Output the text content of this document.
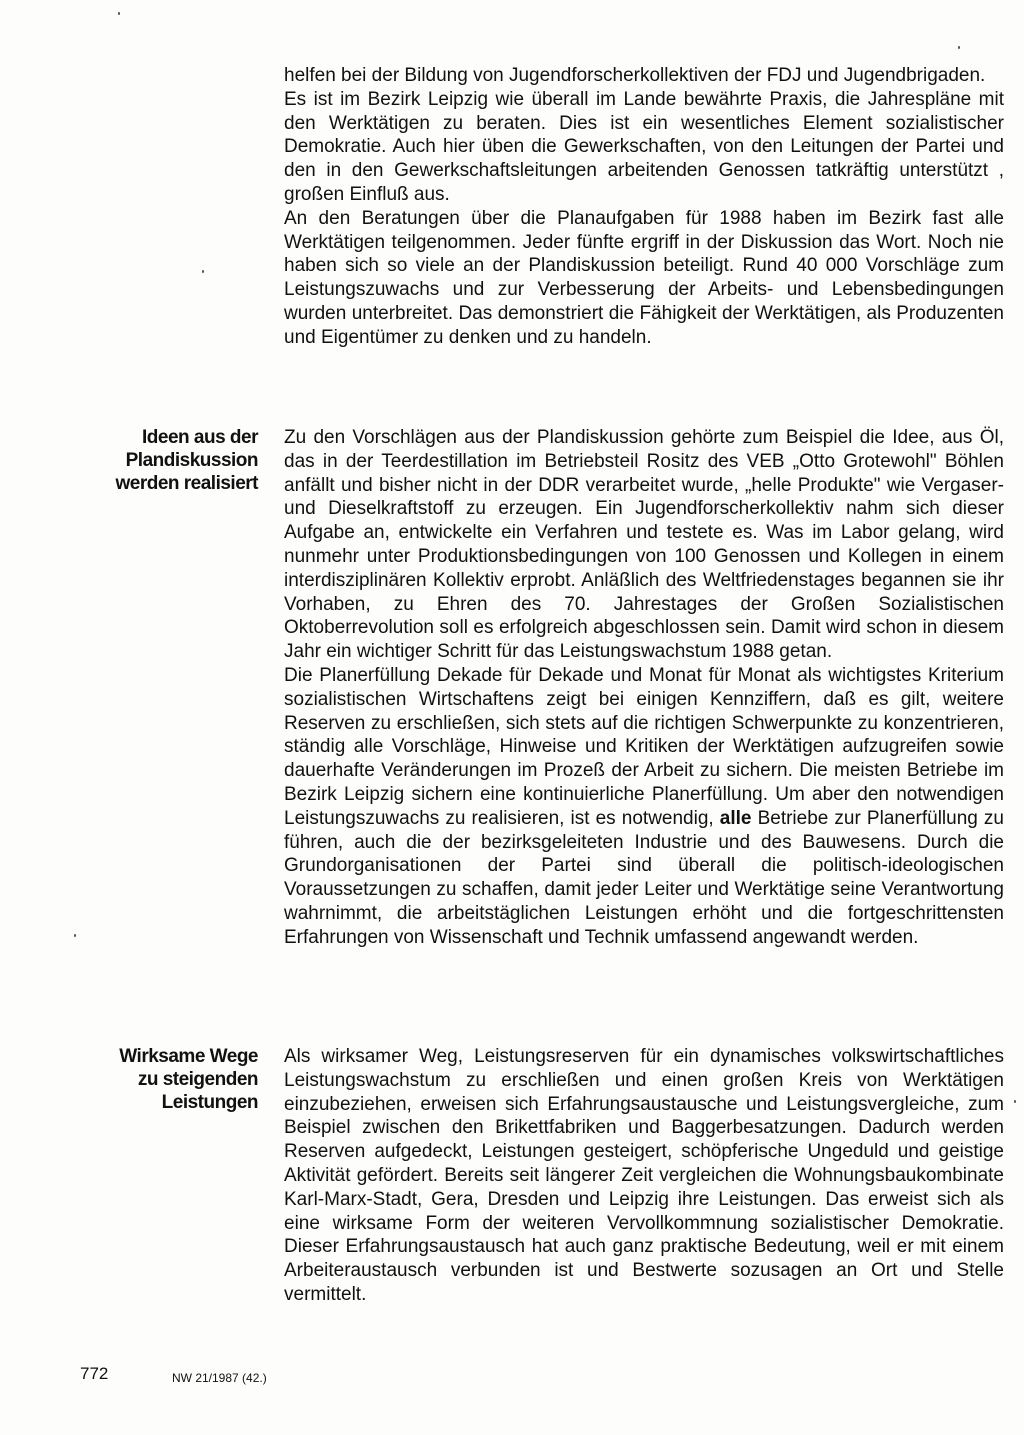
helfen bei der Bildung von Jugendforscherkollektiven der FDJ und Jugendbrigaden.

Es ist im Bezirk Leipzig wie überall im Lande bewährte Praxis, die Jahrespläne mit den Werktätigen zu beraten. Dies ist ein wesentliches Element sozialistischer Demokratie. Auch hier üben die Gewerkschaften, von den Leitungen der Partei und den in den Gewerkschaftsleitungen arbeitenden Genossen tatkräftig unterstützt , großen Einfluß aus.

An den Beratungen über die Planaufgaben für 1988 haben im Bezirk fast alle Werktätigen teilgenommen. Jeder fünfte ergriff in der Diskussion das Wort. Noch nie haben sich so viele an der Plandiskussion beteiligt. Rund 40 000 Vorschläge zum Leistungszuwachs und zur Verbesserung der Arbeits- und Lebensbedingungen wurden unterbreitet. Das demonstriert die Fähigkeit der Werktätigen, als Produzenten und Eigentümer zu denken und zu handeln.

Ideen aus der
Plandiskussion
werden realisiert

Zu den Vorschlägen aus der Plandiskussion gehörte zum Beispiel die Idee, aus Öl, das in der Teerdestillation im Betriebsteil Rositz des VEB „Otto Grotewohl" Böhlen anfällt und bisher nicht in der DDR verarbeitet wurde, „helle Produkte" wie Vergaser- und Dieselkraftstoff zu erzeugen. Ein Jugendforscherkollektiv nahm sich dieser Aufgabe an, entwickelte ein Verfahren und testete es. Was im Labor gelang, wird nunmehr unter Produktionsbedingungen von 100 Genossen und Kollegen in einem interdisziplinären Kollektiv erprobt. Anläßlich des Weltfriedenstages begannen sie ihr Vorhaben, zu Ehren des 70. Jahrestages der Großen Sozialistischen Oktoberrevolution soll es erfolgreich abgeschlossen sein. Damit wird schon in diesem Jahr ein wichtiger Schritt für das Leistungswachstum 1988 getan.

Die Planerfüllung Dekade für Dekade und Monat für Monat als wichtigstes Kriterium sozialistischen Wirtschaftens zeigt bei einigen Kennziffern, daß es gilt, weitere Reserven zu erschließen, sich stets auf die richtigen Schwerpunkte zu konzentrieren, ständig alle Vorschläge, Hinweise und Kritiken der Werktätigen aufzugreifen sowie dauerhafte Veränderungen im Prozeß der Arbeit zu sichern. Die meisten Betriebe im Bezirk Leipzig sichern eine kontinuierliche Planerfüllung. Um aber den notwendigen Leistungszuwachs zu realisieren, ist es notwendig, alle Betriebe zur Planerfüllung zu führen, auch die der bezirksgeleiteten Industrie und des Bauwesens. Durch die Grundorganisationen der Partei sind überall die politisch-ideologischen Voraussetzungen zu schaffen, damit jeder Leiter und Werktätige seine Verantwortung wahrnimmt, die arbeitstäglichen Leistungen erhöht und die fortgeschrittensten Erfahrungen von Wissenschaft und Technik umfassend angewandt werden.

Wirksame Wege
zu steigenden
Leistungen

Als wirksamer Weg, Leistungsreserven für ein dynamisches volkswirtschaftliches Leistungswachstum zu erschließen und einen großen Kreis von Werktätigen einzubeziehen, erweisen sich Erfahrungsaustausche und Leistungsvergleiche, zum Beispiel zwischen den Brikettfabriken und Baggerbesatzungen. Dadurch werden Reserven aufgedeckt, Leistungen gesteigert, schöpferische Ungeduld und geistige Aktivität gefördert. Bereits seit längerer Zeit vergleichen die Wohnungsbaukombinate Karl-Marx-Stadt, Gera, Dresden und Leipzig ihre Leistungen. Das erweist sich als eine wirksame Form der weiteren Vervollkommnung sozialistischer Demokratie. Dieser Erfahrungsaustausch hat auch ganz praktische Bedeutung, weil er mit einem Arbeiteraustausch verbunden ist und Bestwerte sozusagen an Ort und Stelle vermittelt.

772	NW 21/1987 (42.)
